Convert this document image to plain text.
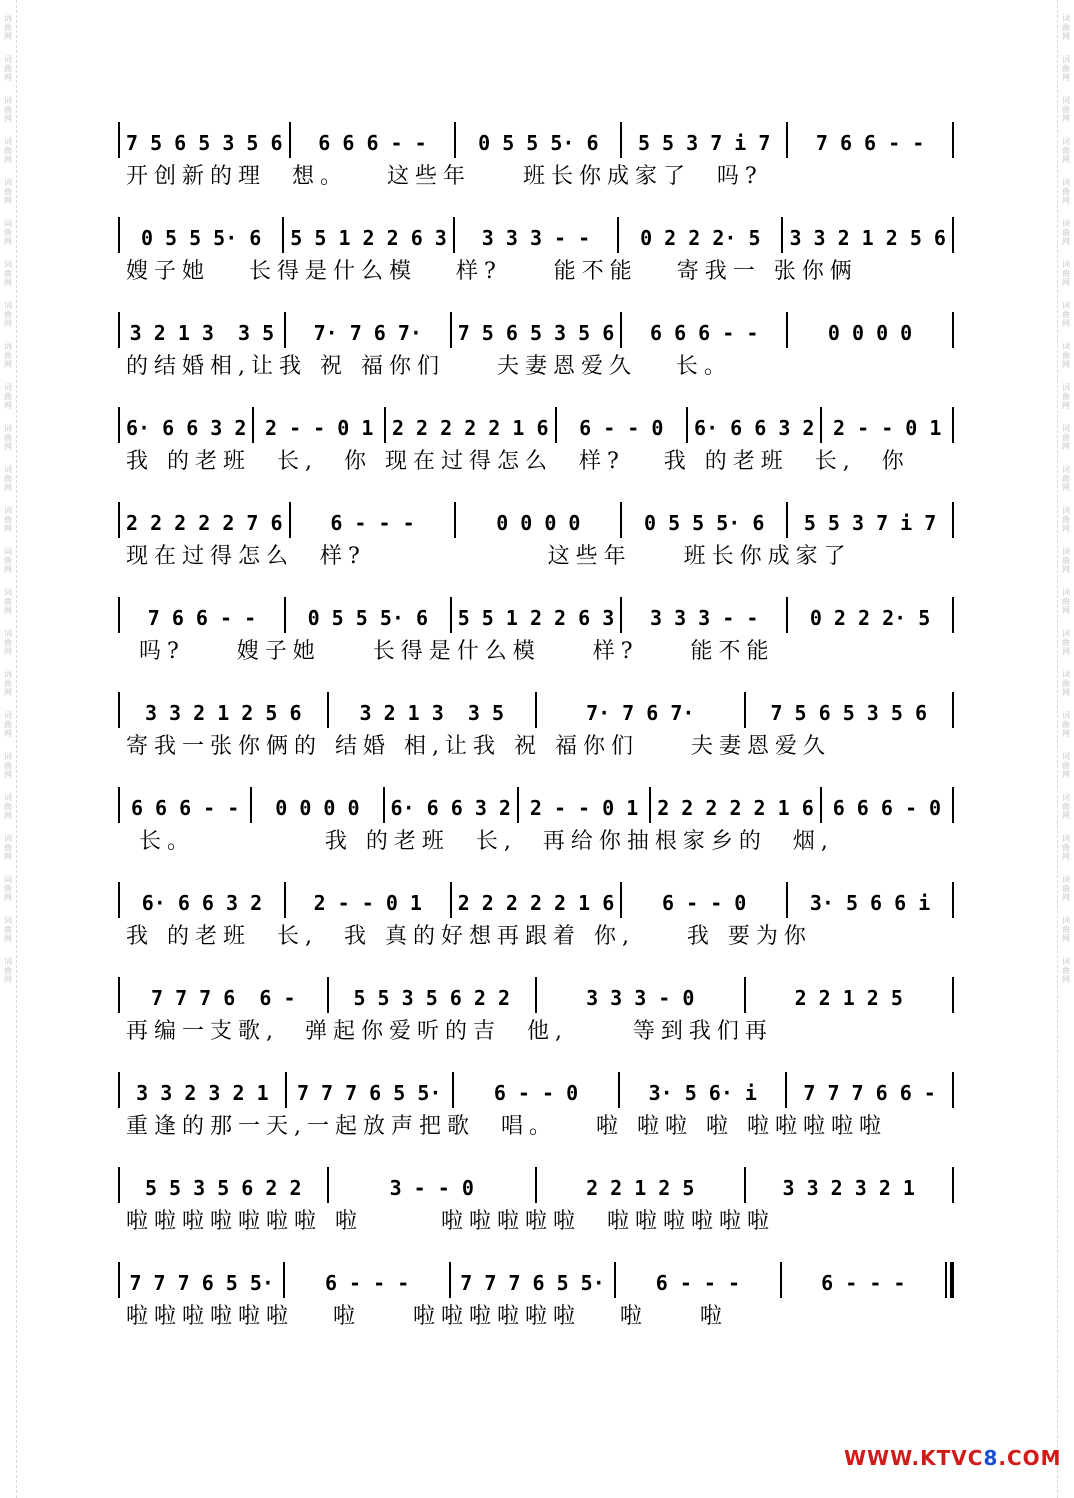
词曲网
词曲网
词曲网
词曲网
词曲网
词曲网
词曲网
词曲网
词曲网
词曲网
词曲网
词曲网
词曲网
词曲网
词曲网
词曲网
词曲网
词曲网
词曲网
词曲网
词曲网
词曲网
词曲网
词曲网
词曲网
词曲网
词曲网
词曲网
词曲网
词曲网
词曲网
词曲网
词曲网
词曲网
词曲网
词曲网
词曲网
词曲网
词曲网
词曲网
词曲网
词曲网
词曲网
词曲网
词曲网
词曲网
词曲网
词曲网
7 5 6 5 3 5 6 6 6 6 - -	0 5 5 5· 6 5 5 3 7 i 7 7 6 6 - -
开创新的理  想。   这些年    班长你成家了  吗?
0 5 5 5· 6 5 5 1 2 2 6 3 3 3 3 - - 0 2 2 2· 5 3 3 2 1 2 5 6
嫂子她   长得是什么模   样?    能不能   寄我一 张你俩
3 2 1 3  3 5 7· 7 6 7· 7 5 6 5 3 5 6 6 6 6 - -	0 0 0 0
的结婚相,让我 祝 福你们    夫妻恩爱久   长。
6· 6 6 3 2 2 - - 0 1 2 2 2 2 2 1 6 6 - - 0 6· 6 6 3 2 2 - - 0 1
我 的老班  长,  你 现在过得怎么  样?   我 的老班  长,  你
2 2 2 2 2 7 6 6 - - -	0 0 0 0	0 5 5 5· 6 5 5 3 7 i 7
现在过得怎么  样?              这些年    班长你成家了
7 6 6 - -	0 5 5 5· 6 5 5 1 2 2 6 3 3 3 3 - -	0 2 2 2· 5
吗?    嫂子她    长得是什么模    样?    能不能
3 3 2 1 2 5 6	3 2 1 3  3 5	7· 7 6 7·	7 5 6 5 3 5 6
寄我一张你俩的 结婚 相,让我 祝 福你们    夫妻恩爱久
6 6 6 - - 0 0 0 0 6· 6 6 3 2 2 - - 0 1 2 2 2 2 2 1 6 6 6 6 - 0
长。          我 的老班  长,  再给你抽根家乡的  烟,
6· 6 6 3 2	2 - - 0 1 2 2 2 2 2 1 6 6 - - 0	3· 5 6 6 i
我 的老班  长,  我 真的好想再跟着 你,    我 要为你
7 7 7 6  6 -	5 5 3 5 6 2 2	3 3 3 - 0	2 2 1 2 5
再编一支歌,  弹起你爱听的吉  他,     等到我们再
3 3 2 3 2 1 7 7 7 6 5 5·	6 - - 0	3· 5 6· i 7 7 7 6 6 -
重逢的那一天,一起放声把歌  唱。   啦 啦啦 啦 啦啦啦啦啦
5 5 3 5 6 2 2	3 - - 0	2 2 1 2 5	3 3 2 3 2 1
啦啦啦啦啦啦啦 啦      啦啦啦啦啦  啦啦啦啦啦啦
7 7 7 6 5 5·	6 - - -	7 7 7 6 5 5·	6 - - -	6 - - -
啦啦啦啦啦啦   啦    啦啦啦啦啦啦   啦    啦
WWW.KTVC8.COM
